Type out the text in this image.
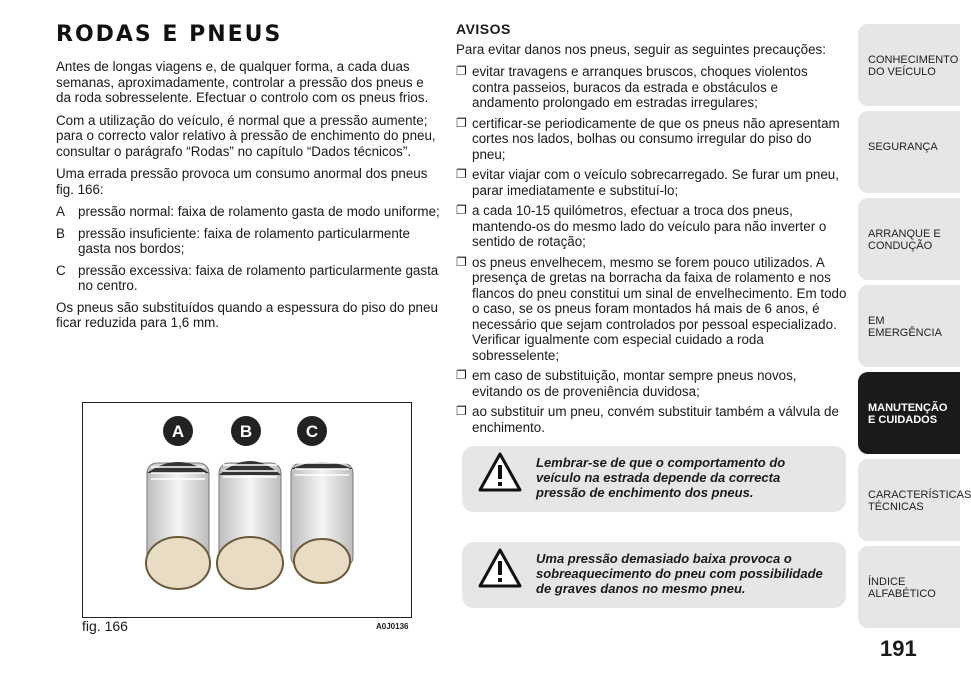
RODAS E PNEUS

Antes de longas viagens e, de qualquer forma, a cada duas semanas, aproximadamente, controlar a pressão dos pneus e da roda sobresselente. Efectuar o controlo com os pneus frios.

Com a utilização do veículo, é normal que a pressão aumente; para o correcto valor relativo à pressão de enchimento do pneu, consultar o parágrafo “Rodas” no capítulo “Dados técnicos”.

Uma errada pressão provoca um consumo anormal dos pneus fig. 166:

A pressão normal: faixa de rolamento gasta de modo uniforme;
B pressão insuficiente: faixa de rolamento particularmente gasta nos bordos;
C pressão excessiva: faixa de rolamento particularmente gasta no centro.

Os pneus são substituídos quando a espessura do piso do pneu ficar reduzida para 1,6 mm.

A	B	C
fig. 166	A0J0136
AVISOS

Para evitar danos nos pneus, seguir as seguintes precauções:

❐ evitar travagens e arranques bruscos, choques violentos contra passeios, buracos da estrada e obstáculos e andamento prolongado em estradas irregulares;
❐ certificar-se periodicamente de que os pneus não apresentam cortes nos lados, bolhas ou consumo irregular do piso do pneu;
❐ evitar viajar com o veículo sobrecarregado. Se furar um pneu, parar imediatamente e substituí-lo;
❐ a cada 10-15 quilómetros, efectuar a troca dos pneus, mantendo-os do mesmo lado do veículo para não inverter o sentido de rotação;
❐ os pneus envelhecem, mesmo se forem pouco utilizados. A presença de gretas na borracha da faixa de rolamento e nos flancos do pneu constitui um sinal de envelhecimento. Em todo o caso, se os pneus foram montados há mais de 6 anos, é necessário que sejam controlados por pessoal especializado. Verificar igualmente com especial cuidado a roda sobresselente;
❐ em caso de substituição, montar sempre pneus novos, evitando os de proveniência duvidosa;
❐ ao substituir um pneu, convém substituir também a válvula de enchimento.
Lembrar-se de que o comportamento do veículo na estrada depende da correcta pressão de enchimento dos pneus.
Uma pressão demasiado baixa provoca o sobreaquecimento do pneu com possibilidade de graves danos no mesmo pneu.
CONHECIMENTO DO VEÍCULO
SEGURANÇA
ARRANQUE E CONDUÇÃO
EM EMERGÊNCIA
MANUTENÇÃO E CUIDADOS
CARACTERÍSTICAS TÉCNICAS
ÍNDICE ALFABÉTICO
191
